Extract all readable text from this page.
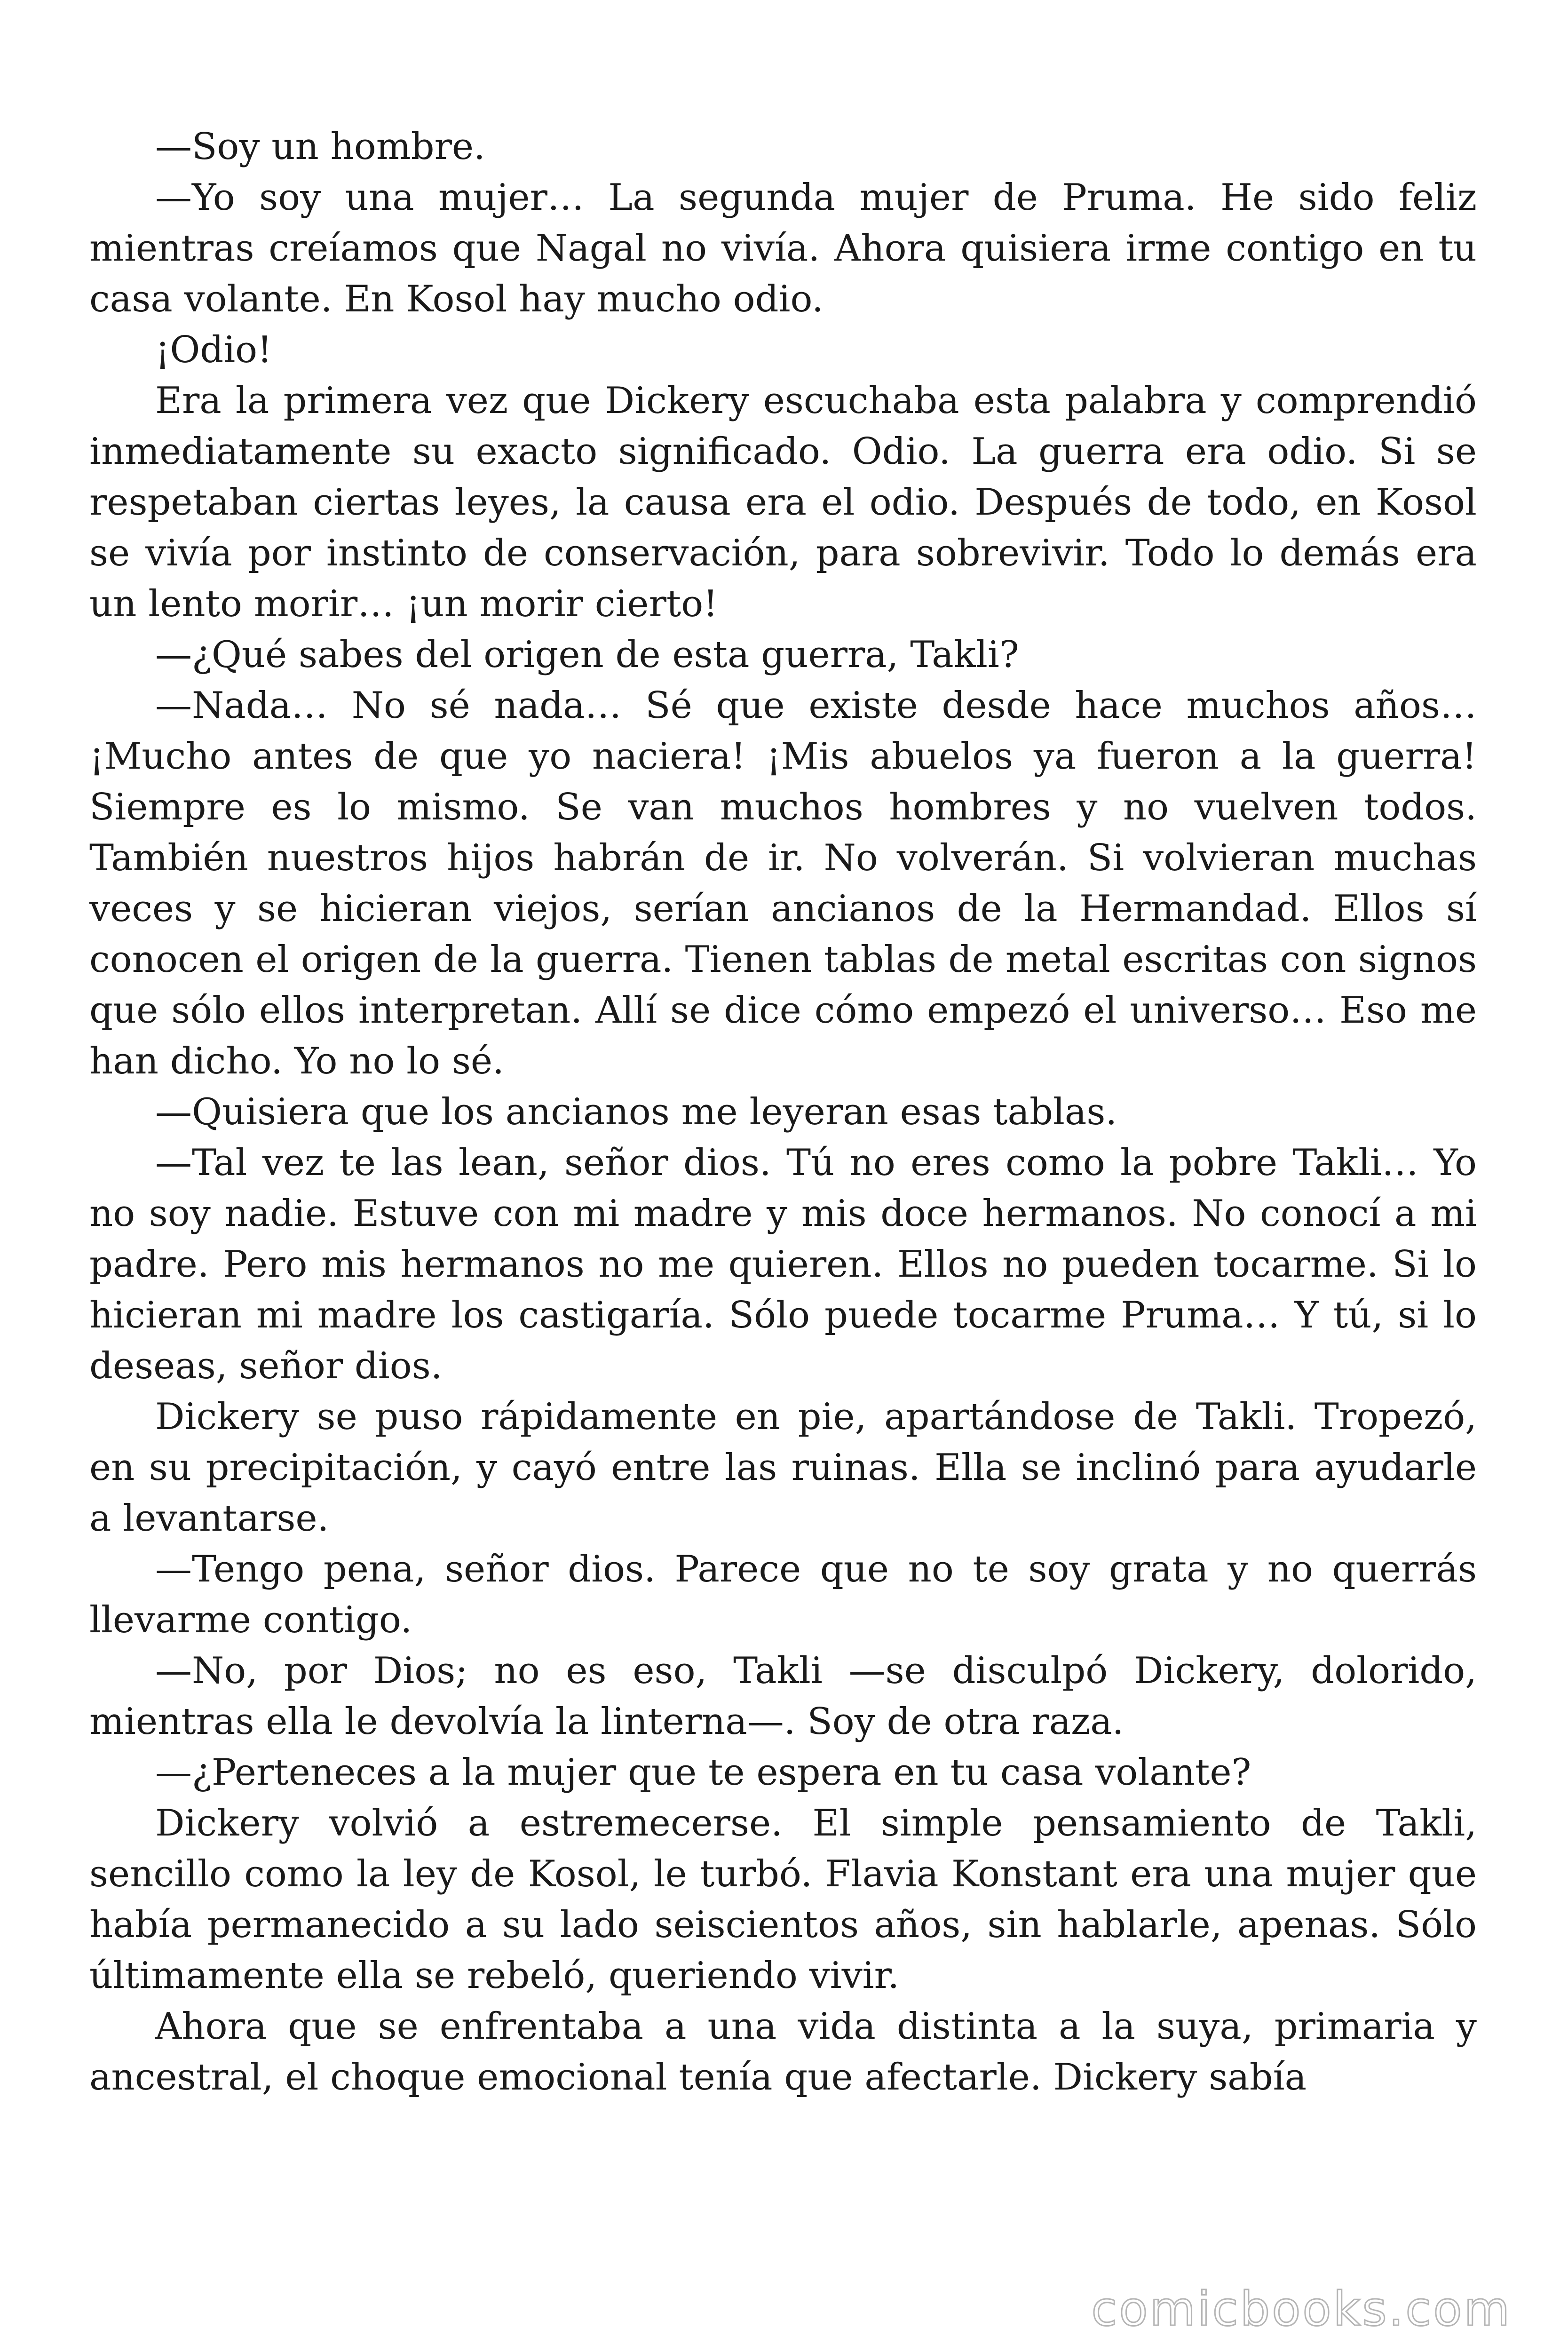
—Soy un hombre.

—Yo soy una mujer… La segunda mujer de Pruma. He sido feliz mientras creíamos que Nagal no vivía. Ahora quisiera irme contigo en tu casa volante. En Kosol hay mucho odio.

¡Odio!

Era la primera vez que Dickery escuchaba esta palabra y comprendió inmediatamente su exacto significado. Odio. La guerra era odio. Si se respetaban ciertas leyes, la causa era el odio. Después de todo, en Kosol se vivía por instinto de conservación, para sobrevivir. Todo lo demás era un lento morir… ¡un morir cierto!

—¿Qué sabes del origen de esta guerra, Takli?

—Nada… No sé nada… Sé que existe desde hace muchos años… ¡Mucho antes de que yo naciera! ¡Mis abuelos ya fueron a la guerra! Siempre es lo mismo. Se van muchos hombres y no vuelven todos. También nuestros hijos habrán de ir. No volverán. Si volvieran muchas veces y se hicieran viejos, serían ancianos de la Hermandad. Ellos sí conocen el origen de la guerra. Tienen tablas de metal escritas con signos que sólo ellos interpretan. Allí se dice cómo empezó el universo… Eso me han dicho. Yo no lo sé.

—Quisiera que los ancianos me leyeran esas tablas.

—Tal vez te las lean, señor dios. Tú no eres como la pobre Takli… Yo no soy nadie. Estuve con mi madre y mis doce hermanos. No conocí a mi padre. Pero mis hermanos no me quieren. Ellos no pueden tocarme. Si lo hicieran mi madre los castigaría. Sólo puede tocarme Pruma… Y tú, si lo deseas, señor dios.

Dickery se puso rápidamente en pie, apartándose de Takli. Tropezó, en su precipitación, y cayó entre las ruinas. Ella se inclinó para ayudarle a levantarse.

—Tengo pena, señor dios. Parece que no te soy grata y no querrás llevarme contigo.

—No, por Dios; no es eso, Takli —se disculpó Dickery, dolorido, mientras ella le devolvía la linterna—. Soy de otra raza.

—¿Perteneces a la mujer que te espera en tu casa volante?

Dickery volvió a estremecerse. El simple pensamiento de Takli, sencillo como la ley de Kosol, le turbó. Flavia Konstant era una mujer que había permanecido a su lado seiscientos años, sin hablarle, apenas. Sólo últimamente ella se rebeló, queriendo vivir.

Ahora que se enfrentaba a una vida distinta a la suya, primaria y ancestral, el choque emocional tenía que afectarle. Dickery sabía

comicbooks.com
